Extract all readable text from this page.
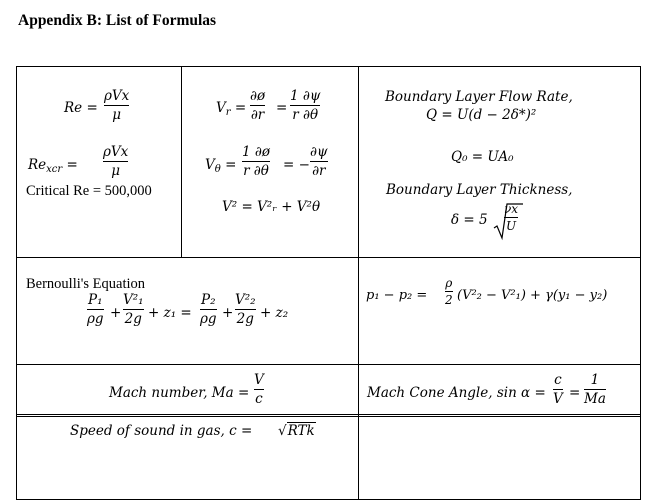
Appendix B: List of Formulas
Re =
ρVx
μ
$Re_{xcr}$ =
ρVx
μ
Critical Re = 500,000
$V_r$ =
∂ø
∂r =
1 ∂ψ
r ∂θ
$V_\theta$ =
1 ∂ø
r ∂θ = −
∂ψ
∂r
V² = V²ᵣ + V²θ
Boundary Layer Flow Rate,
Q = U(d − 2δ*)²
Q₀ = UA₀
Boundary Layer Thickness,
δ = 5
νx
U
Bernoulli's Equation
P₁
ρg +
V²₁
2g + z₁ =
P₂
ρg +
V²₂
2g + z₂
p₁ − p₂ =
ρ
2 (V²₂ − V²₁) + γ(y₁ − y₂)
Mach number, Ma =
V
c
Speed of sound in gas, c = √RTk
Mach Cone Angle, sin α =
c
V =
1
Ma
